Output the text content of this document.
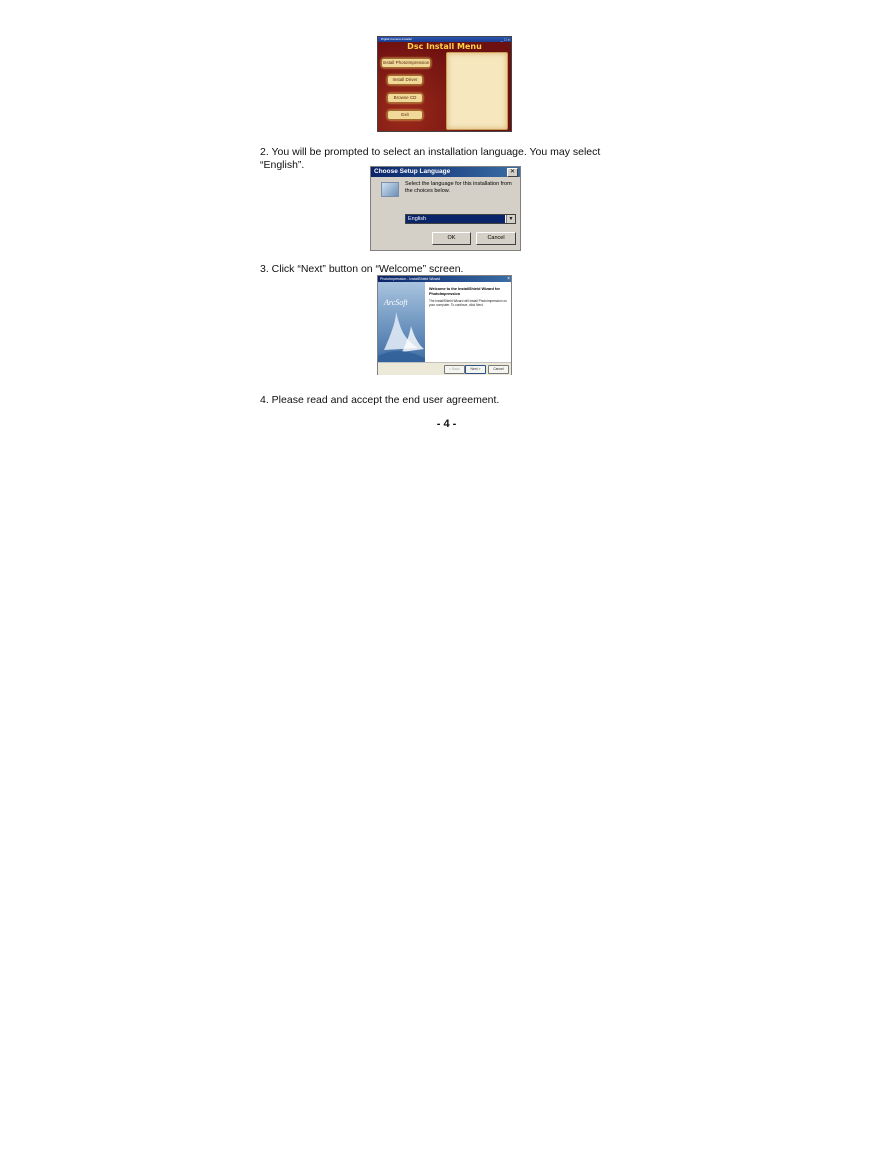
Digital Camera Installer	_ □ ×
Dsc Install Menu
Install PhotoImpression
Install Driver
Browse CD
Exit
2. You will be prompted to select an installation language. You may select “English”.
Choose Setup Language	✕
Select the language for this installation from the choices below.
English	▼
OK	Cancel
3. Click “Next” button on “Welcome” screen.
PhotoImpression - InstallShield Wizard	×
ArcSoft
Welcome to the InstallShield Wizard for PhotoImpression
The InstallShield Wizard will install PhotoImpression on your computer. To continue, click Next.
< Back	Next >	Cancel
4. Please read and accept the end user agreement.
- 4 -
